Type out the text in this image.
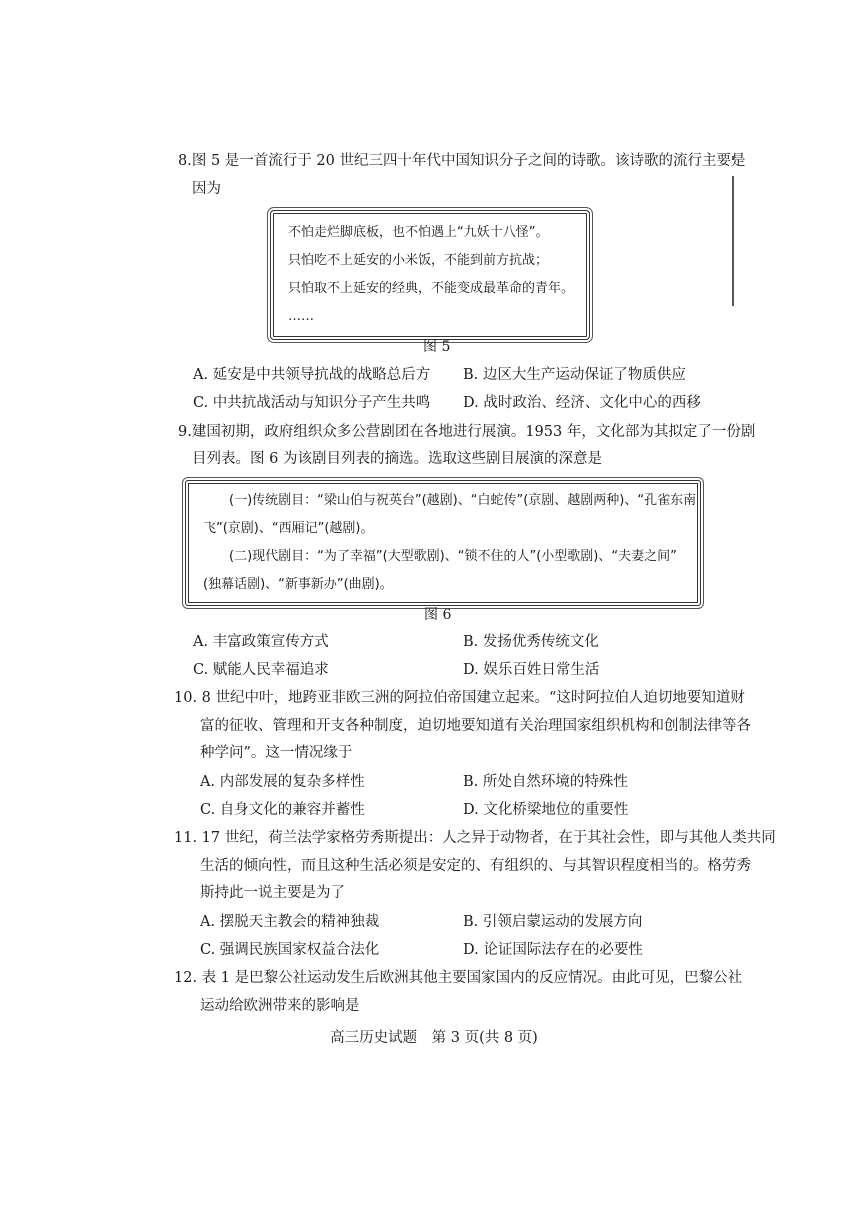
8.图 5 是一首流行于 20 世纪三四十年代中国知识分子之间的诗歌。该诗歌的流行主要是
因为
不怕走烂脚底板，也不怕遇上“九妖十八怪”。
只怕吃不上延安的小米饭，不能到前方抗战；
只怕取不上延安的经典，不能变成最革命的青年。
……
图 5
A. 延安是中共领导抗战的战略总后方 B. 边区大生产运动保证了物质供应
C. 中共抗战活动与知识分子产生共鸣 D. 战时政治、经济、文化中心的西移
9.建国初期，政府组织众多公营剧团在各地进行展演。1953 年，文化部为其拟定了一份剧
目列表。图 6 为该剧目列表的摘选。选取这些剧目展演的深意是
(一)传统剧目：“梁山伯与祝英台”(越剧)、“白蛇传”(京剧、越剧两种)、“孔雀东南
飞”(京剧)、“西厢记”(越剧)。
(二)现代剧目：“为了幸福”(大型歌剧)、“锁不住的人”(小型歌剧)、“夫妻之间”
(独幕话剧)、“新事新办”(曲剧)。
图 6
A. 丰富政策宣传方式	B. 发扬优秀传统文化
C. 赋能人民幸福追求	D. 娱乐百姓日常生活
10. 8 世纪中叶，地跨亚非欧三洲的阿拉伯帝国建立起来。“这时阿拉伯人迫切地要知道财
富的征收、管理和开支各种制度，迫切地要知道有关治理国家组织机构和创制法律等各
种学问”。这一情况缘于
A. 内部发展的复杂多样性	B. 所处自然环境的特殊性
C. 自身文化的兼容并蓄性	D. 文化桥梁地位的重要性
11. 17 世纪，荷兰法学家格劳秀斯提出：人之异于动物者，在于其社会性，即与其他人类共同
生活的倾向性，而且这种生活必须是安定的、有组织的、与其智识程度相当的。格劳秀
斯持此一说主要是为了
A. 摆脱天主教会的精神独裁	B. 引领启蒙运动的发展方向
C. 强调民族国家权益合法化	D. 论证国际法存在的必要性
12. 表 1 是巴黎公社运动发生后欧洲其他主要国家国内的反应情况。由此可见，巴黎公社
运动给欧洲带来的影响是
高三历史试题　第 3 页(共 8 页)
